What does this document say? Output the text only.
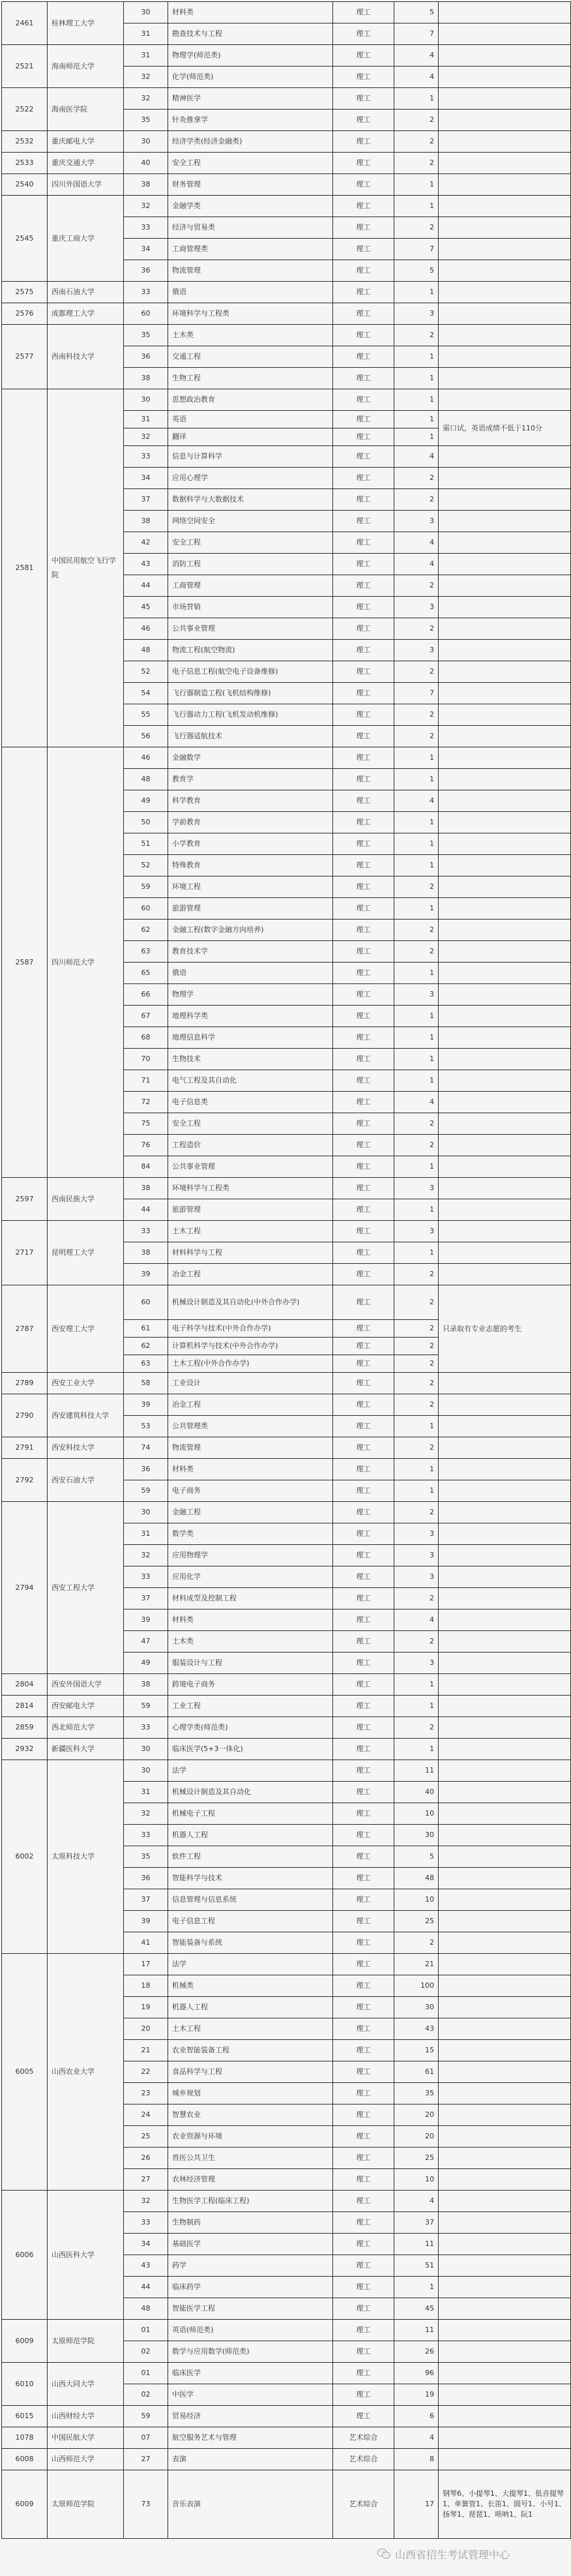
2461	桂林理工大学	30	材料类	理工	5	
		31	勘查技术与工程	理工	7	
2521	海南师范大学	31	物理学(师范类)	理工	4	
		32	化学(师范类)	理工	4	
2522	海南医学院	32	精神医学	理工	1	
		35	针灸推拿学	理工	2	
2532	重庆邮电大学	30	经济学类(经济金融类)	理工	2	
2533	重庆交通大学	40	安全工程	理工	2	
2540	四川外国语大学	38	财务管理	理工	1	
2545	重庆工商大学	32	金融学类	理工	1	
		33	经济与贸易类	理工	2	
		34	工商管理类	理工	7	
		36	物流管理	理工	5	
2575	西南石油大学	33	俄语	理工	1	
2576	成都理工大学	60	环境科学与工程类	理工	3	
2577	西南科技大学	35	土木类	理工	2	
		36	交通工程	理工	1	
		38	生物工程	理工	1	
2581	中国民用航空飞行学院	30	思想政治教育	理工	1	
		31	英语	理工	1	需口试，英语成绩不低于110分
		32	翻译	理工	1	
		33	信息与计算科学	理工	4	
		34	应用心理学	理工	2	
		37	数据科学与大数据技术	理工	2	
		38	网络空间安全	理工	3	
		42	安全工程	理工	4	
		43	消防工程	理工	4	
		44	工商管理	理工	2	
		45	市场营销	理工	3	
		46	公共事业管理	理工	2	
		48	物流工程(航空物流)	理工	3	
		52	电子信息工程(航空电子设备维修)	理工	2	
		54	飞行器制造工程(飞机结构维修)	理工	7	
		55	飞行器动力工程(飞机发动机维修)	理工	2	
		56	飞行器适航技术	理工	2	
2587	四川师范大学	46	金融数学	理工	1	
		48	教育学	理工	1	
		49	科学教育	理工	4	
		50	学前教育	理工	1	
		51	小学教育	理工	1	
		52	特殊教育	理工	1	
		59	环境工程	理工	2	
		60	旅游管理	理工	1	
		62	金融工程(数字金融方向培养)	理工	2	
		63	教育技术学	理工	2	
		65	俄语	理工	1	
		66	物理学	理工	3	
		67	地理科学类	理工	1	
		68	地理信息科学	理工	1	
		70	生物技术	理工	1	
		71	电气工程及其自动化	理工	1	
		72	电子信息类	理工	4	
		75	安全工程	理工	2	
		76	工程造价	理工	2	
		84	公共事业管理	理工	1	
2597	西南民族大学	38	环境科学与工程类	理工	3	
		44	旅游管理	理工	1	
2717	昆明理工大学	33	土木工程	理工	3	
		38	材料科学与工程	理工	1	
		39	冶金工程	理工	2	
2787	西安理工大学	60	机械设计制造及其自动化(中外合作办学)	理工	2	只录取有专业志愿的考生
		61	电子科学与技术(中外合作办学)	理工	2	
		62	计算机科学与技术(中外合作办学)	理工	2	
		63	土木工程(中外合作办学)	理工	2	
2789	西安工业大学	58	工业设计	理工	2	
2790	西安建筑科技大学	39	冶金工程	理工	2	
		53	公共管理类	理工	1	
2791	西安科技大学	74	物流管理	理工	2	
2792	西安石油大学	36	材料类	理工	1	
		59	电子商务	理工	1	
2794	西安工程大学	30	金融工程	理工	2	
		31	数学类	理工	3	
		32	应用物理学	理工	3	
		33	应用化学	理工	3	
		37	材料成型及控制工程	理工	2	
		39	材料类	理工	4	
		47	土木类	理工	2	
		49	服装设计与工程	理工	3	
2804	西安外国语大学	38	跨境电子商务	理工	1	
2814	西安邮电大学	59	工业工程	理工	1	
2859	西北师范大学	33	心理学类(师范类)	理工	2	
2932	新疆医科大学	30	临床医学(5+3一体化)	理工	1	
6002	太原科技大学	30	法学	理工	11	
		31	机械设计制造及其自动化	理工	40	
		32	机械电子工程	理工	10	
		33	机器人工程	理工	30	
		35	软件工程	理工	5	
		36	智能科学与技术	理工	48	
		37	信息管理与信息系统	理工	10	
		39	电子信息工程	理工	25	
		41	智能装备与系统	理工	2	
6005	山西农业大学	17	法学	理工	21	
		18	机械类	理工	100	
		19	机器人工程	理工	30	
		20	土木工程	理工	43	
		21	农业智能装备工程	理工	15	
		22	食品科学与工程	理工	61	
		23	城乡规划	理工	35	
		24	智慧农业	理工	20	
		25	农业资源与环境	理工	20	
		26	兽医公共卫生	理工	25	
		27	农林经济管理	理工	10	
6006	山西医科大学	32	生物医学工程(临床工程)	理工	4	
		33	生物制药	理工	37	
		34	基础医学	理工	11	
		43	药学	理工	51	
		44	临床药学	理工	1	
		48	智能医学工程	理工	45	
6009	太原师范学院	01	英语(师范类)	理工	11	
		02	数学与应用数学(师范类)	理工	26	
6010	山西大同大学	01	临床医学	理工	96	
		02	中医学	理工	19	
6015	山西财经大学	59	贸易经济	理工	6	
1078	中国民航大学	07	航空服务艺术与管理	艺术综合	4	
6008	山西师范大学	27	表演	艺术综合	8	
6009	太原师范学院	73	音乐表演	艺术综合	17	钢琴6、小提琴1、大提琴1、低音提琴1、单簧管1、长笛1、圆号1、小号1、扬琴1、琵琶1、唢呐1、阮1
山西省招生考试管理中心
